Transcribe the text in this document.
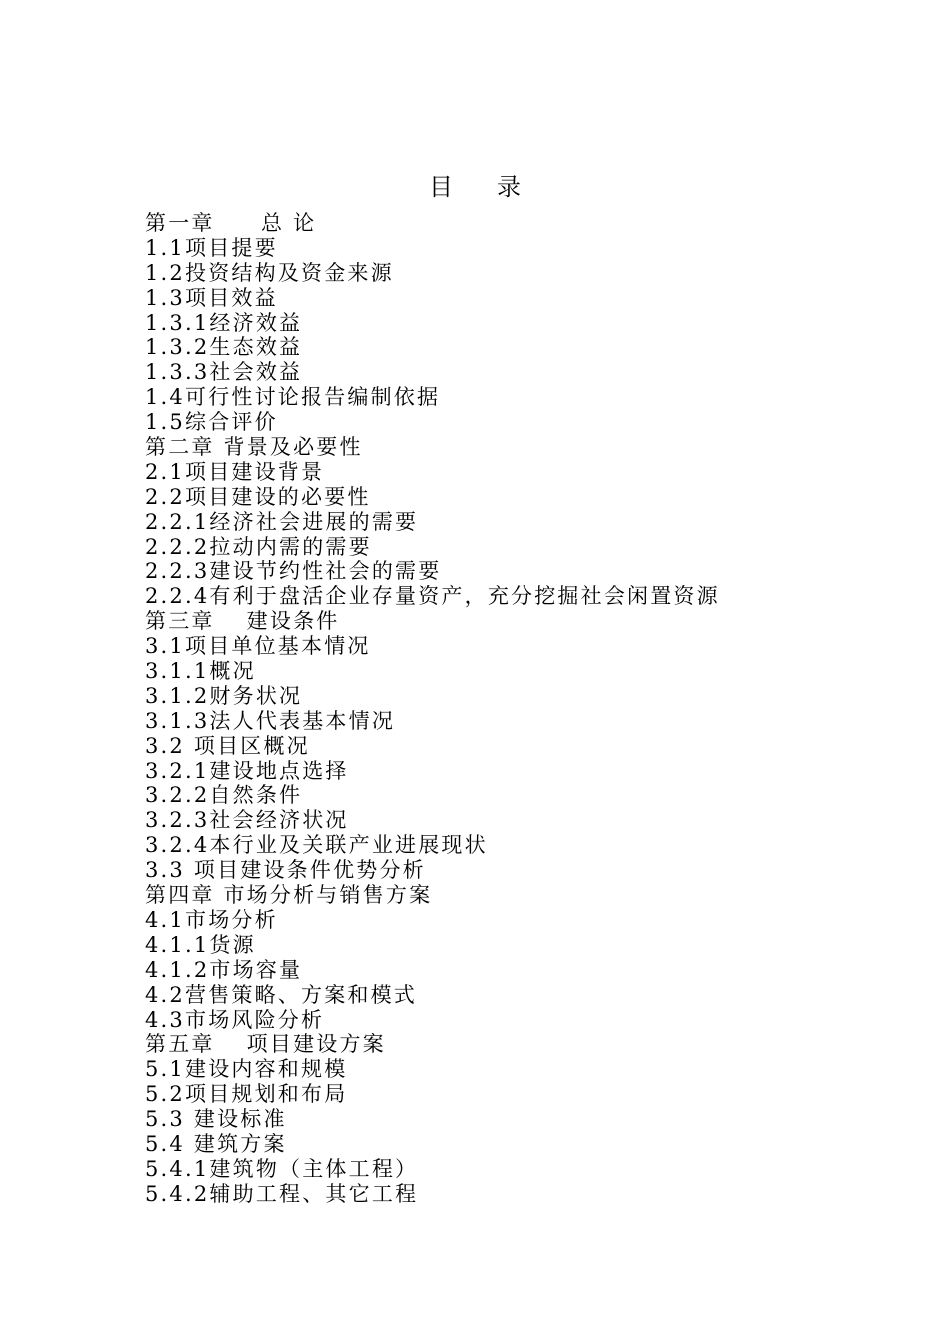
目录
第一章　　总 论
1.1项目提要
1.2投资结构及资金来源
1.3项目效益
1.3.1经济效益
1.3.2生态效益
1.3.3社会效益
1.4可行性讨论报告编制依据
1.5综合评价
第二章 背景及必要性
2.1项目建设背景
2.2项目建设的必要性
2.2.1经济社会进展的需要
2.2.2拉动内需的需要
2.2.3建设节约性社会的需要
2.2.4有利于盘活企业存量资产，充分挖掘社会闲置资源
第三章　 建设条件
3.1项目单位基本情况
3.1.1概况
3.1.2财务状况
3.1.3法人代表基本情况
3.2 项目区概况
3.2.1建设地点选择
3.2.2自然条件
3.2.3社会经济状况
3.2.4本行业及关联产业进展现状
3.3 项目建设条件优势分析
第四章 市场分析与销售方案
4.1市场分析
4.1.1货源
4.1.2市场容量
4.2营售策略、方案和模式
4.3市场风险分析
第五章　 项目建设方案
5.1建设内容和规模
5.2项目规划和布局
5.3 建设标准
5.4 建筑方案
5.4.1建筑物（主体工程）
5.4.2辅助工程、其它工程
